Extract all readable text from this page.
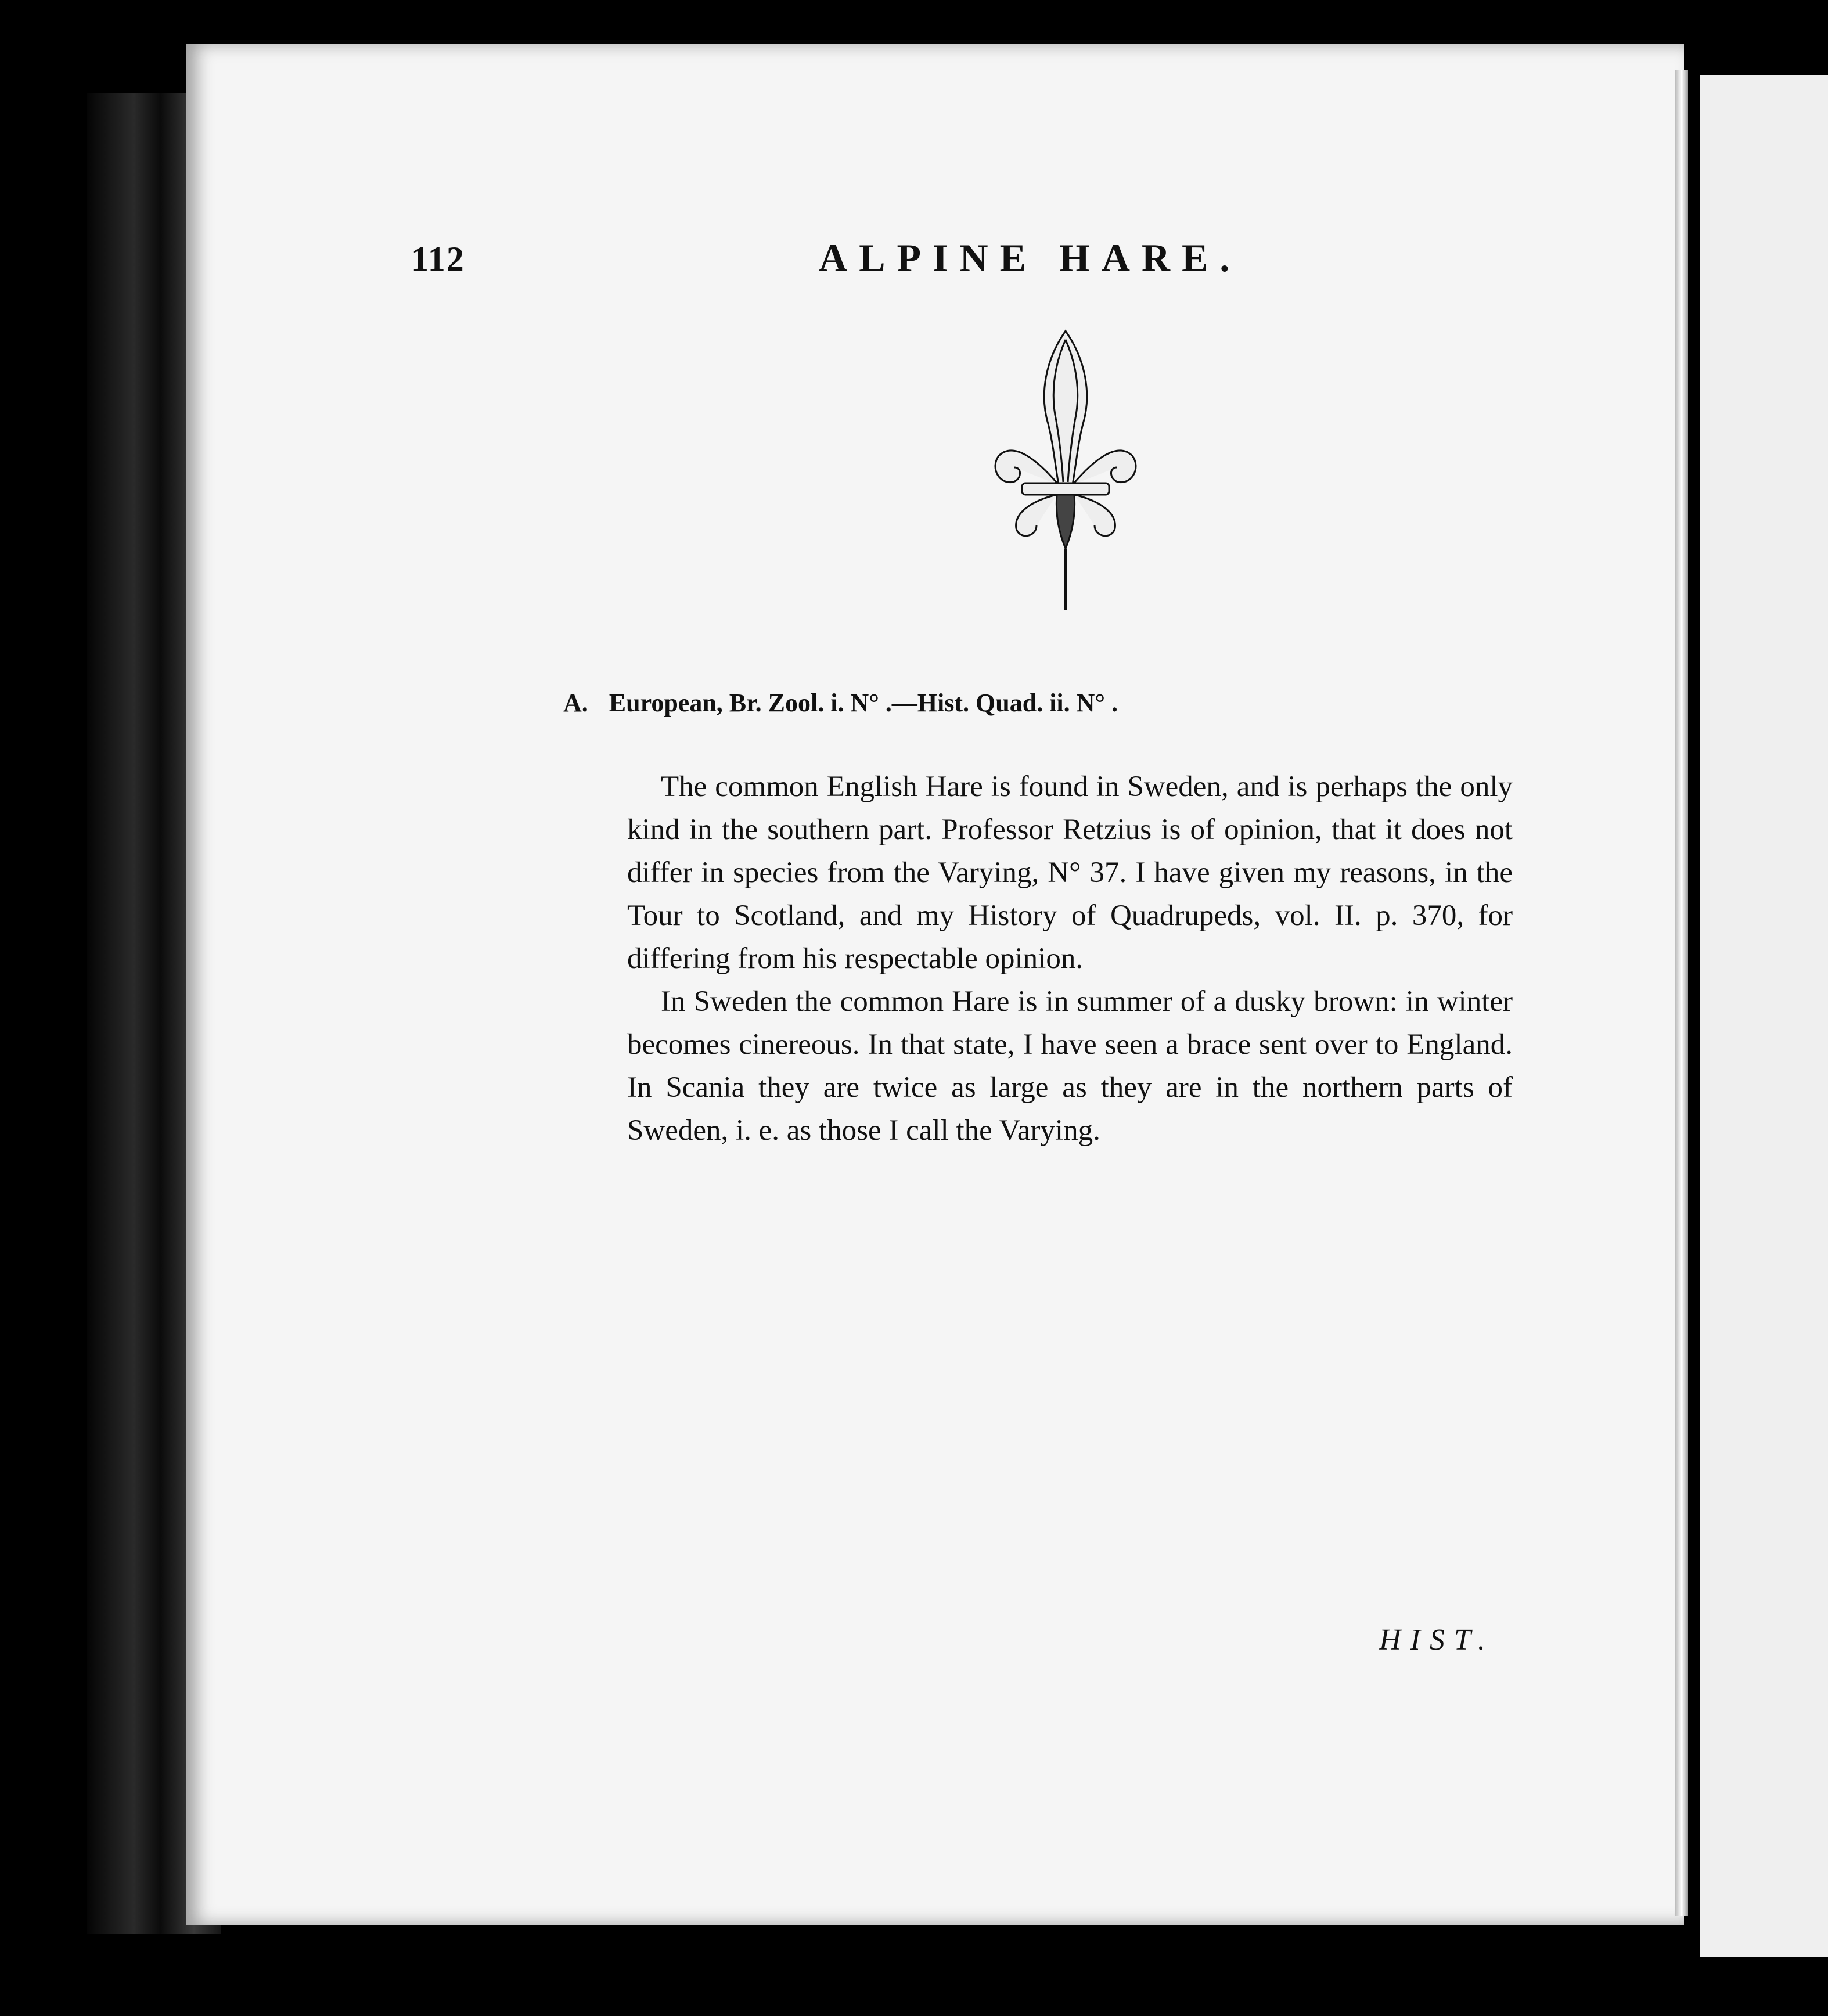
112	ALPINE HARE.
A. European, Br. Zool. i. N° .—Hist. Quad. ii. N° .

The common English Hare is found in Sweden, and is perhaps the only kind in the southern part. Professor Retzius is of opinion, that it does not differ in species from the Varying, N° 37. I have given my reasons, in the Tour to Scotland, and my History of Quadrupeds, vol. II. p. 370, for differing from his respectable opinion.

In Sweden the common Hare is in summer of a dusky brown: in winter becomes cinereous. In that state, I have seen a brace sent over to England. In Scania they are twice as large as they are in the northern parts of Sweden, i. e. as those I call the Varying.

HIST.
